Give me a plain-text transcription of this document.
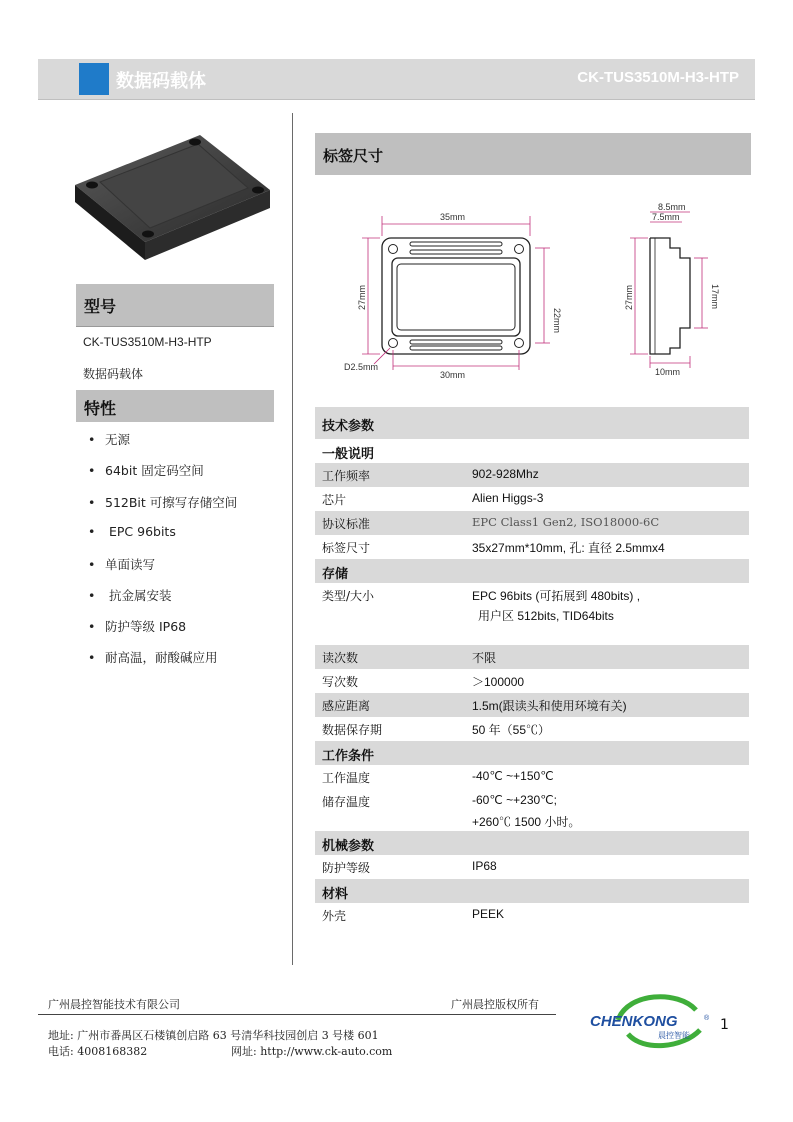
数据码载体	CK-TUS3510M-H3-HTP
型号
CK-TUS3510M-H3-HTP
数据码载体
特性
• 无源
• 64bit 固定码空间
• 512Bit 可擦写存储空间
• EPC 96bits
• 单面读写
• 抗金属安装
• 防护等级 IP68
• 耐高温，耐酸碱应用
标签尺寸
35mm
27mm
22mm
30mm
D2.5mm
8.5mm
7.5mm
27mm	17mm
10mm
技术参数
一般说明
工作频率	902-928Mhz
芯片	Alien Higgs-3
协议标准	EPC Class1 Gen2, ISO18000-6C
标签尺寸	35x27mm*10mm, 孔: 直径 2.5mmx4
存储
类型/大小	EPC 96bits (可拓展到 480bits) ,
用户区 512bits, TID64bits
读次数	不限
写次数	＞100000
感应距离	1.5m(跟读头和使用环境有关)
数据保存期	50 年（55℃）
工作条件
工作温度	-40℃ ~+150℃
储存温度	-60℃ ~+230℃;
+260℃ 1500 小时。
机械参数
防护等级	IP68
材料
外壳	PEEK
广州晨控智能技术有限公司	广州晨控版权所有
地址: 广州市番禺区石楼镇创启路 63 号清华科技园创启 3 号楼 601
电话: 4008168382	网址: http://www.ck-auto.com
CHENKONG
晨控智能
® 1
